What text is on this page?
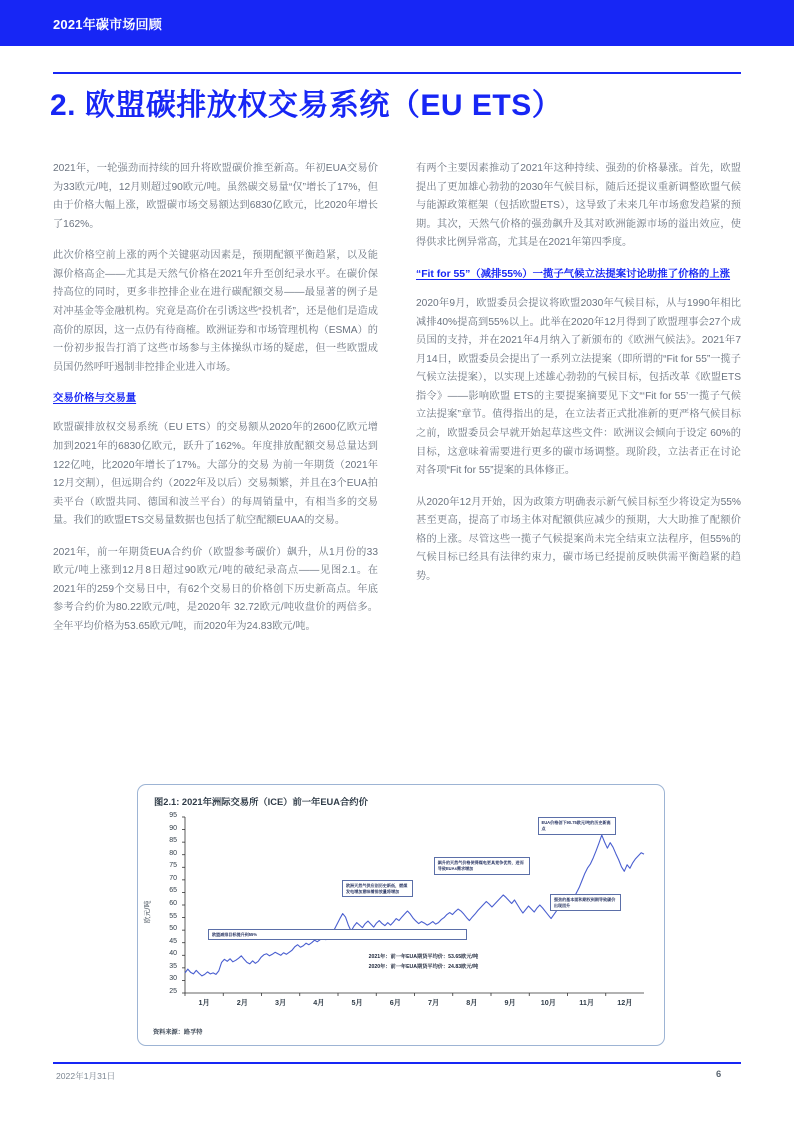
2021年碳市场回顾
2. 欧盟碳排放权交易系统（EU ETS）

2021年，一轮强劲而持续的回升将欧盟碳价推至新高。年初EUA交易价为33欧元/吨，12月则超过90欧元/吨。虽然碳交易量“仅”增长了17%，但由于价格大幅上涨，欧盟碳市场交易额达到6830亿欧元，比2020年增长了162%。

此次价格空前上涨的两个关键驱动因素是，预期配额平衡趋紧，以及能源价格高企——尤其是天然气价格在2021年升至创纪录水平。在碳价保持高位的同时，更多非控排企业在进行碳配额交易——最显著的例子是对冲基金等金融机构。究竟是高价在引诱这些“投机者”，还是他们是造成高价的原因，这一点仍有待商榷。欧洲证券和市场管理机构（ESMA）的一份初步报告打消了这些市场参与主体操纵市场的疑虑，但一些欧盟成员国仍然呼吁遏制非控排企业进入市场。

交易价格与交易量

欧盟碳排放权交易系统（EU ETS）的交易额从2020年的2600亿欧元增加到2021年的6830亿欧元，跃升了162%。年度排放配额交易总量达到122亿吨，比2020年增长了17%。大部分的交易 为前一年期货（2021年12月交割），但远期合约（2022年及以后）交易频繁，并且在3个EUA拍卖平台（欧盟共同、德国和波兰平台）的每周销量中，有相当多的交易量。我们的欧盟ETS交易量数据也包括了航空配额EUAA的交易。

2021年，前一年期货EUA合约价（欧盟参考碳价）飙升，从1月份的33欧元/吨上涨到12月8日超过90欧元/吨的破纪录高点——见图2.1。在2021年的259个交易日中，有62个交易日的价格创下历史新高点。年底参考合约价为80.22欧元/吨，是2020年 32.72欧元/吨收盘价的两倍多。全年平均价格为53.65欧元/吨，而2020年为24.83欧元/吨。

有两个主要因素推动了2021年这种持续、强劲的价格暴涨。首先，欧盟提出了更加雄心勃勃的2030年气候目标，随后还提议重新调整欧盟气候与能源政策框架（包括欧盟ETS），这导致了未来几年市场愈发趋紧的预期。其次，天然气价格的强劲飙升及其对欧洲能源市场的溢出效应，使得供求比例异常高，尤其是在2021年第四季度。

“Fit for 55”（减排55%）一揽子气候立法提案讨论助推了价格的上涨

2020年9月，欧盟委员会提议将欧盟2030年气候目标，从与1990年相比减排40%提高到55%以上。此举在2020年12月得到了欧盟理事会27个成员国的支持，并在2021年4月纳入了新颁布的《欧洲气候法》。2021年7月14日，欧盟委员会提出了一系列立法提案（即所谓的“Fit for 55”一揽子气候立法提案），以实现上述雄心勃勃的气候目标，包括改革《欧盟ETS指令》——影响欧盟 ETS的主要提案摘要见下文“‘Fit for 55’一揽子气候立法提案”章节。值得指出的是，在立法者正式批准新的更严格气候目标之前，欧盟委员会早就开始起草这些文件：欧洲议会倾向于设定 60%的目标，这意味着需要进行更多的碳市场调整。现阶段，立法者正在讨论对各项“Fit for 55”提案的具体修正。

从2020年12月开始，因为政策方明确表示新气候目标至少将设定为55%甚至更高，提高了市场主体对配额供应减少的预期，大大助推了配额价格的上涨。尽管这些一揽子气候提案尚未完全结束立法程序，但55%的气候目标已经具有法律约束力，碳市场已经提前反映供需平衡趋紧的趋势。

图2.1: 2021年洲际交易所（ICE）前一年EUA合约价
95
90
85
80
75
70
65
60
55
50
45
40
35
30
25
1月	2月	3月	4月	5月	6月	7月	8月	9月	10月	11月	12月
欧元/吨
欧盟减排目标提升到55%
欧洲天然气供应创历史新低，燃煤发电增加意味着排放量将增加
飙升的天然气价格使得煤电更具竞争优势，进而导致EUAs需求增加
EUA价格创下90.75欧元/吨的历史新高点
强劲的基本面和期权到期导致碳价出现回升
2021年：前一年EUA期货平均价：53.65欧元/吨
2020年：前一年EUA期货平均价：24.83欧元/吨
资料来源：路孚特
2022年1月31日	6
